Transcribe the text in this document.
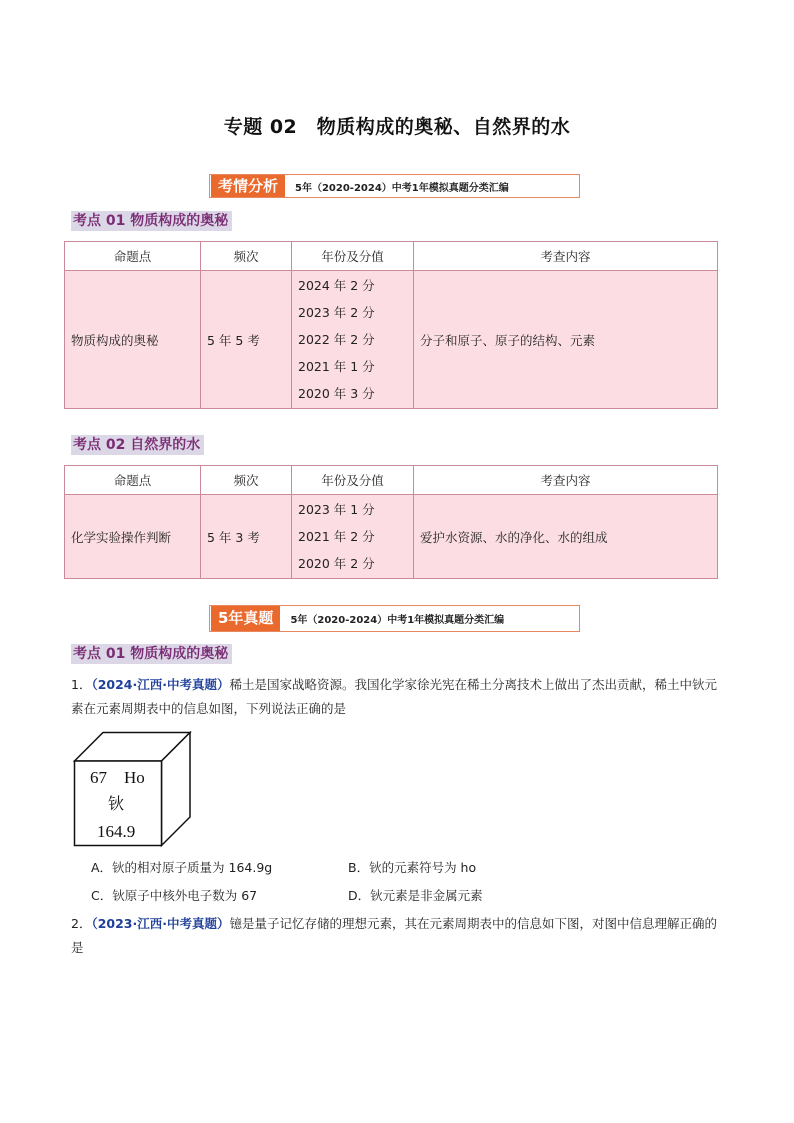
专题 02　物质构成的奥秘、自然界的水
考情分析	5年（2020-2024）中考1年模拟真题分类汇编
考点 01 物质构成的奥秘
命题点	频次	年份及分值	考查内容
物质构成的奥秘	5 年 5 考	2024 年 2 分
2023 年 2 分
2022 年 2 分
2021 年 1 分
2020 年 3 分	分子和原子、原子的结构、元素
考点 02 自然界的水
命题点	频次	年份及分值	考查内容
化学实验操作判断	5 年 3 考	2023 年 1 分
2021 年 2 分
2020 年 2 分	爱护水资源、水的净化、水的组成
5年真题	5年（2020-2024）中考1年模拟真题分类汇编
考点 01 物质构成的奥秘
1．（2024·江西·中考真题）稀土是国家战略资源。我国化学家徐光宪在稀土分离技术上做出了杰出贡献，稀土中钬元素在元素周期表中的信息如图，下列说法正确的是
67 Ho
钬
164.9
A．钬的相对原子质量为 164.9g	B．钬的元素符号为 ho
C．钬原子中核外电子数为 67	D．钬元素是非金属元素
2．（2023·江西·中考真题）镱是量子记忆存储的理想元素，其在元素周期表中的信息如下图，对图中信息理解正确的是
